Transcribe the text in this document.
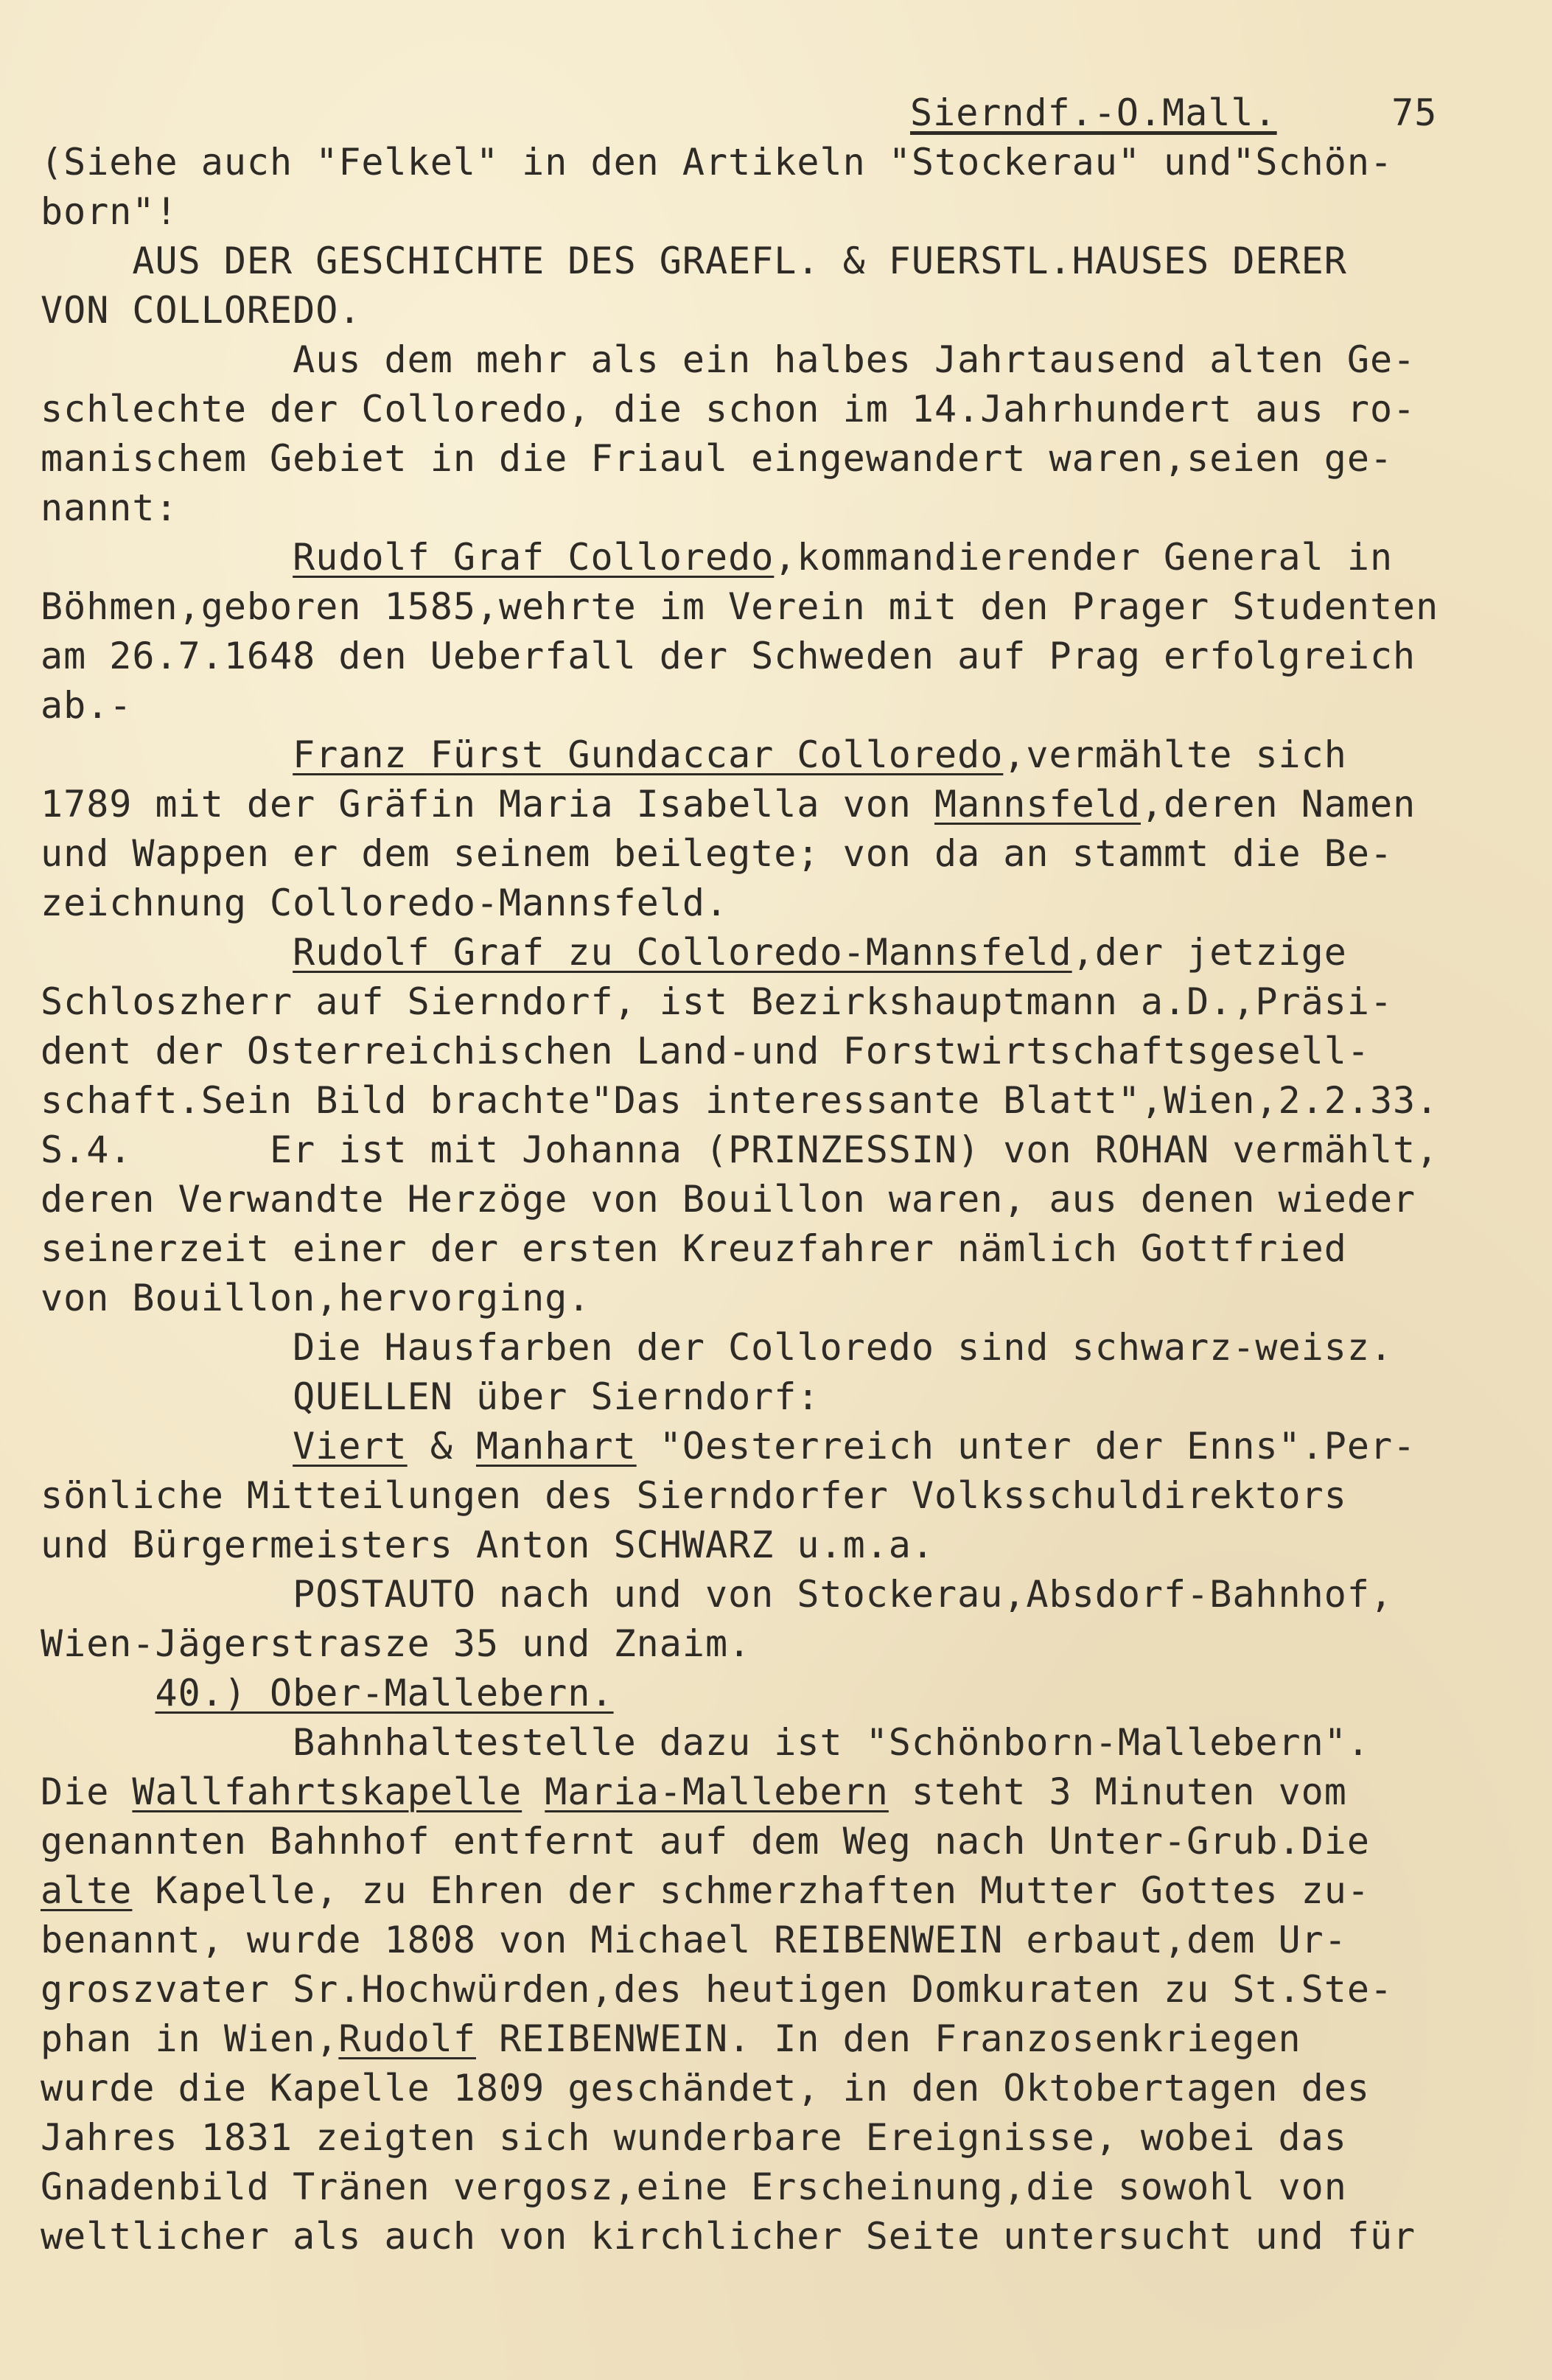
Sierndf.-O.Mall.	75
(Siehe auch "Felkel" in den Artikeln "Stockerau" und"Schön-
born"!
AUS DER GESCHICHTE DES GRAEFL. & FUERSTL.HAUSES DERER
VON COLLOREDO.
Aus dem mehr als ein halbes Jahrtausend alten Ge-
schlechte der Colloredo, die schon im 14.Jahrhundert aus ro-
manischem Gebiet in die Friaul eingewandert waren,seien ge-
nannt:
Rudolf Graf Colloredo,kommandierender General in
Böhmen,geboren 1585,wehrte im Verein mit den Prager Studenten
am 26.7.1648 den Ueberfall der Schweden auf Prag erfolgreich
ab.-
Franz Fürst Gundaccar Colloredo,vermählte sich
1789 mit der Gräfin Maria Isabella von Mannsfeld,deren Namen
und Wappen er dem seinem beilegte; von da an stammt die Be-
zeichnung Colloredo-Mannsfeld.
Rudolf Graf zu Colloredo-Mannsfeld,der jetzige
Schloszherr auf Sierndorf, ist Bezirkshauptmann a.D.,Präsi-
dent der Osterreichischen Land-und Forstwirtschaftsgesell-
schaft.Sein Bild brachte"Das interessante Blatt",Wien,2.2.33.
S.4.      Er ist mit Johanna (PRINZESSIN) von ROHAN vermählt,
deren Verwandte Herzöge von Bouillon waren, aus denen wieder
seinerzeit einer der ersten Kreuzfahrer nämlich Gottfried
von Bouillon,hervorging.
Die Hausfarben der Colloredo sind schwarz-weisz.
QUELLEN über Sierndorf:
Viert & Manhart "Oesterreich unter der Enns".Per-
sönliche Mitteilungen des Sierndorfer Volksschuldirektors
und Bürgermeisters Anton SCHWARZ u.m.a.
POSTAUTO nach und von Stockerau,Absdorf-Bahnhof,
Wien-Jägerstrasze 35 und Znaim.
40.) Ober-Mallebern.
Bahnhaltestelle dazu ist "Schönborn-Mallebern".
Die Wallfahrtskapelle Maria-Mallebern steht 3 Minuten vom
genannten Bahnhof entfernt auf dem Weg nach Unter-Grub.Die
alte Kapelle, zu Ehren der schmerzhaften Mutter Gottes zu-
benannt, wurde 1808 von Michael REIBENWEIN erbaut,dem Ur-
groszvater Sr.Hochwürden,des heutigen Domkuraten zu St.Ste-
phan in Wien,Rudolf REIBENWEIN. In den Franzosenkriegen
wurde die Kapelle 1809 geschändet, in den Oktobertagen des
Jahres 1831 zeigten sich wunderbare Ereignisse, wobei das
Gnadenbild Tränen vergosz,eine Erscheinung,die sowohl von
weltlicher als auch von kirchlicher Seite untersucht und für
